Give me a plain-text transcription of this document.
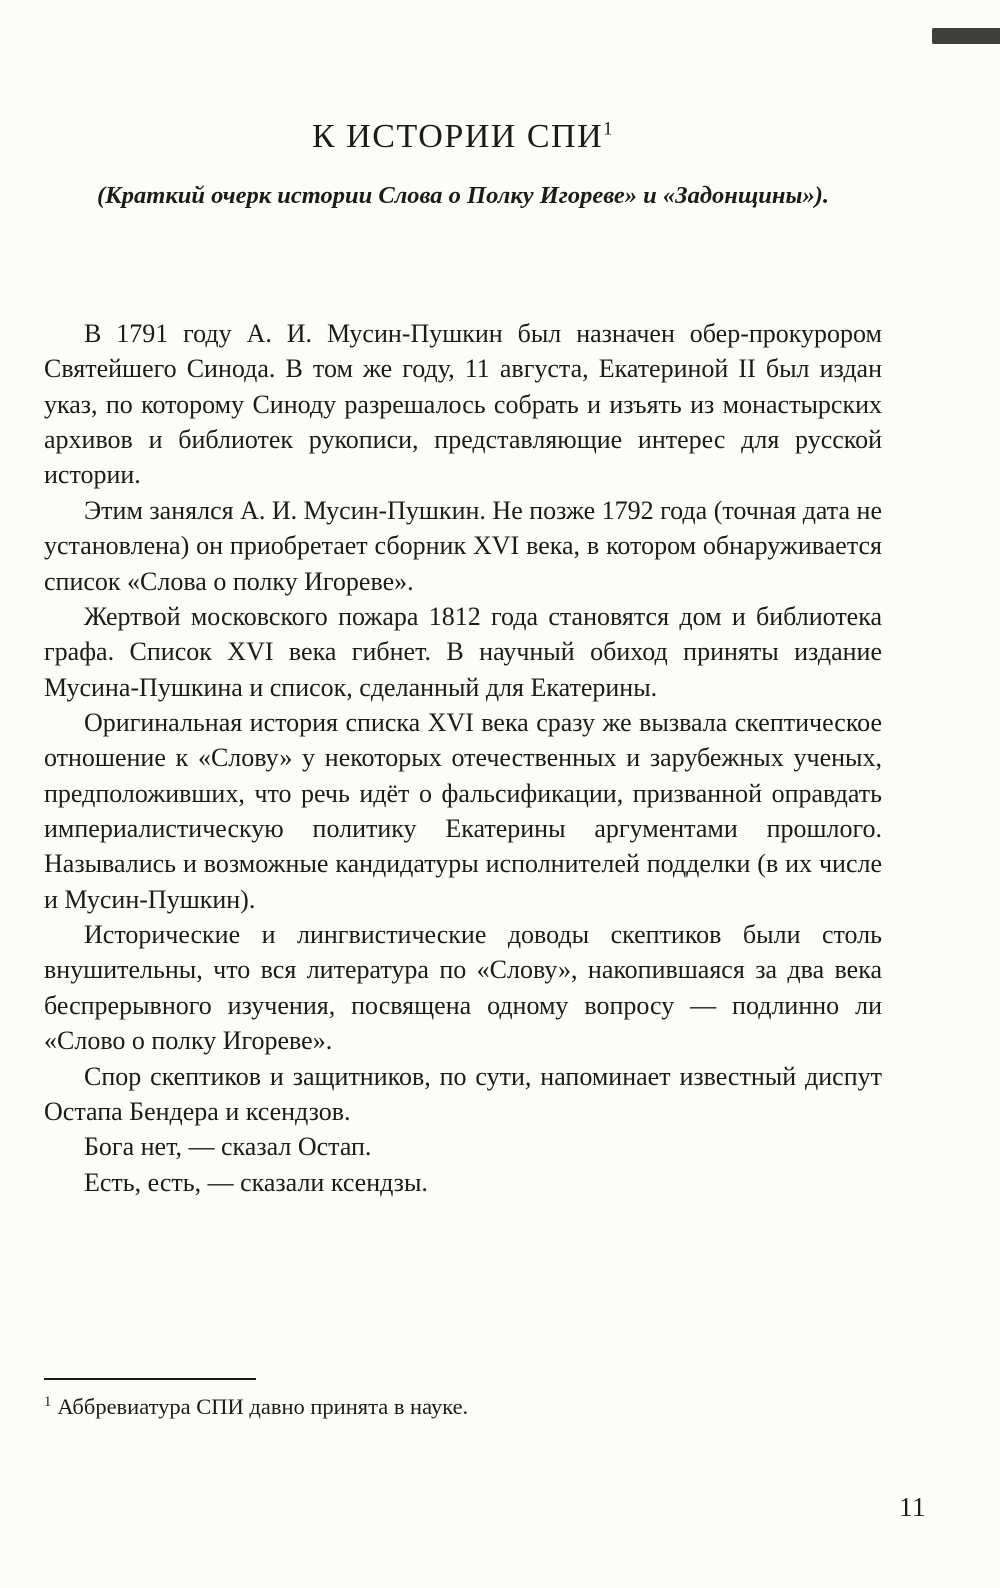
К ИСТОРИИ СПИ$^1$
(Краткий очерк истории Слова о Полку Игореве» и «Задонщины»).

В 1791 году А. И. Мусин-Пушкин был назначен обер-прокурором Святейшего Синода. В том же году, 11 августа, Екатериной II был издан указ, по которому Синоду разрешалось собрать и изъять из монастырских архивов и библиотек рукописи, представляющие интерес для русской истории.

Этим занялся А. И. Мусин-Пушкин. Не позже 1792 года (точная дата не установлена) он приобретает сборник XVI века, в котором обнаруживается список «Слова о полку Игореве».

Жертвой московского пожара 1812 года становятся дом и библиотека графа. Список XVI века гибнет. В научный обиход приняты издание Мусина-Пушкина и список, сделанный для Екатерины.

Оригинальная история списка XVI века сразу же вызвала скептическое отношение к «Слову» у некоторых отечественных и зарубежных ученых, предположивших, что речь идёт о фальсификации, призванной оправдать империалистическую политику Екатерины аргументами прошлого. Назывались и возможные кандидатуры исполнителей подделки (в их числе и Мусин-Пушкин).

Исторические и лингвистические доводы скептиков были столь внушительны, что вся литература по «Слову», накопившаяся за два века беспрерывного изучения, посвящена одному вопросу — подлинно ли «Слово о полку Игореве».

Спор скептиков и защитников, по сути, напоминает известный диспут Остапа Бендера и ксендзов.

Бога нет, — сказал Остап.

Есть, есть, — сказали ксендзы.

$^1$ Аббревиатура СПИ давно принята в науке.
11
